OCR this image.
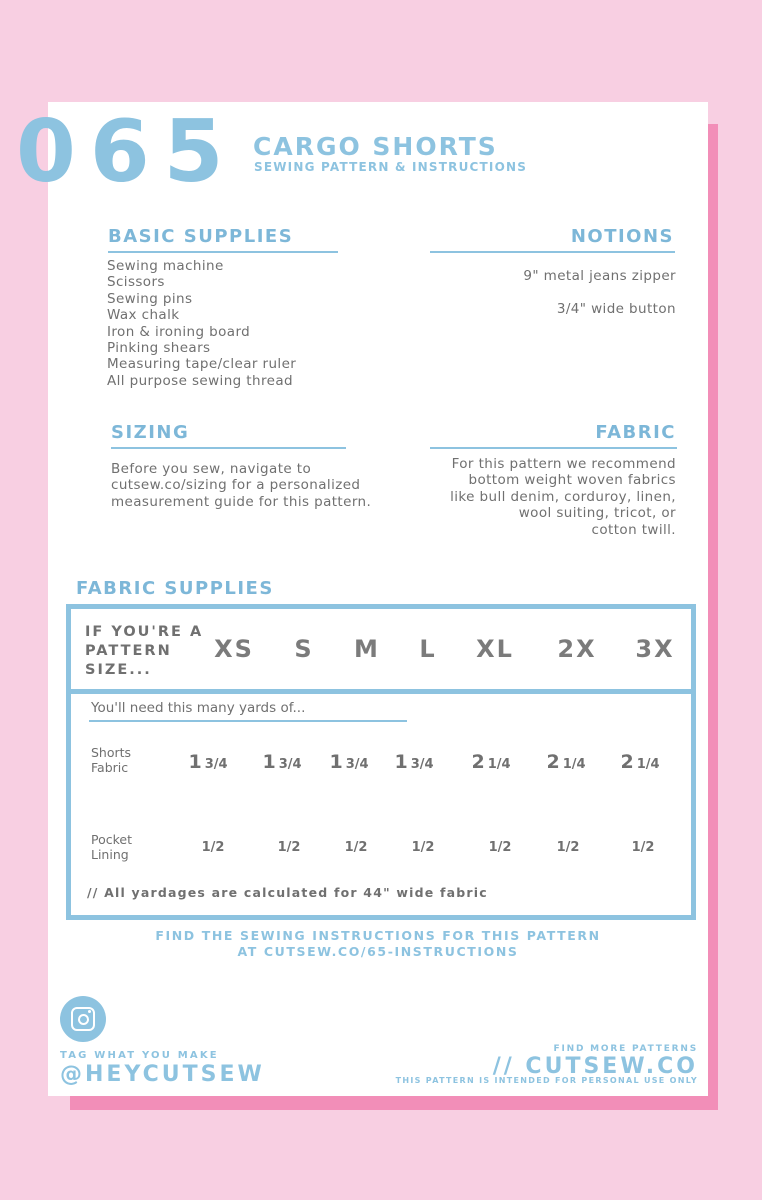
065 CARGO SHORTS
SEWING PATTERN & INSTRUCTIONS
BASIC SUPPLIES
Sewing machine
Scissors
Sewing pins
Wax chalk
Iron & ironing board
Pinking shears
Measuring tape/clear ruler
All purpose sewing thread
NOTIONS
9" metal jeans zipper
3/4" wide button
SIZING
Before you sew, navigate to
cutsew.co/sizing for a personalized
measurement guide for this pattern.
FABRIC
For this pattern we recommend
bottom weight woven fabrics
like bull denim, corduroy, linen,
wool suiting, tricot, or
cotton twill.
FABRIC SUPPLIES
IF YOU'RE A
PATTERN
SIZE...
XS	S	M	L	XL	2X	3X
You'll need this many yards of...
Shorts
Fabric	1 3/4	1 3/4	1 3/4	1 3/4	2 1/4	2 1/4	2 1/4
Pocket
Lining	1/2	1/2	1/2	1/2	1/2	1/2	1/2
// All yardages are calculated for 44" wide fabric
FIND THE SEWING INSTRUCTIONS FOR THIS PATTERN
AT CUTSEW.CO/65-INSTRUCTIONS
TAG WHAT YOU MAKE
@HEYCUTSEW
FIND MORE PATTERNS
// CUTSEW.CO
THIS PATTERN IS INTENDED FOR PERSONAL USE ONLY
